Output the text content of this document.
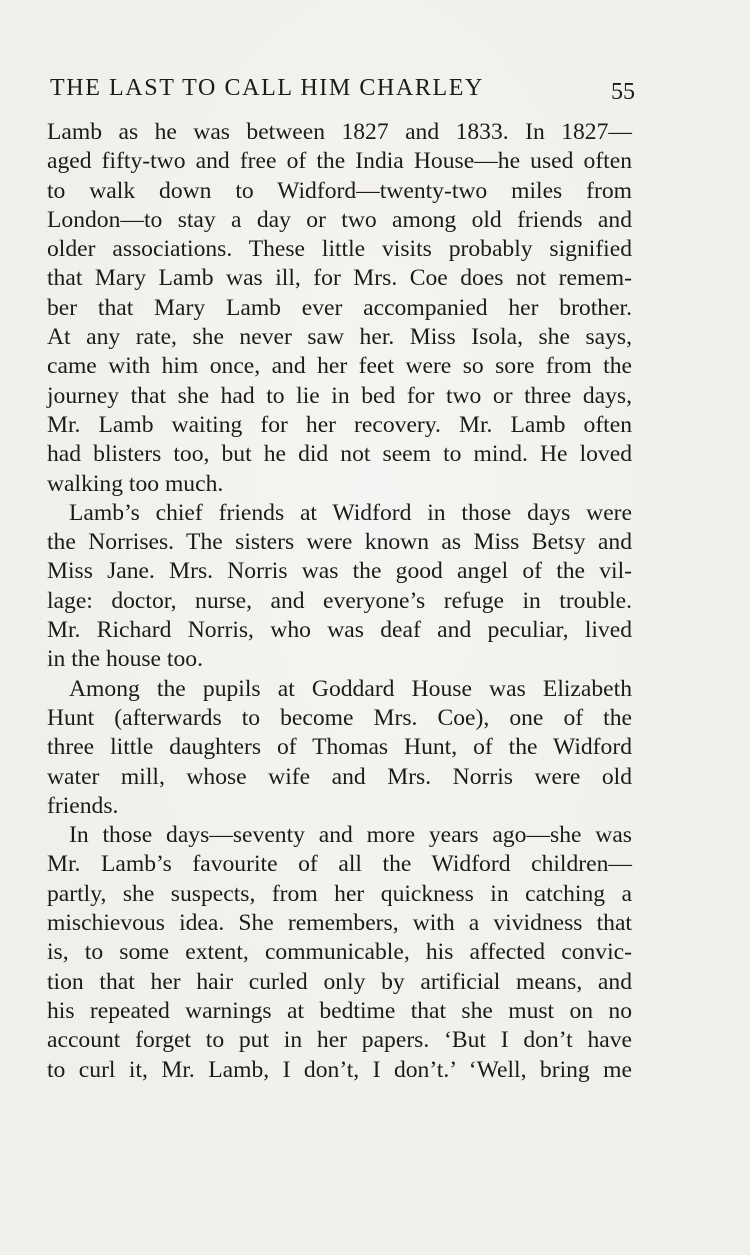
THE LAST TO CALL HIM CHARLEY	55
Lamb as he was between 1827 and 1833. In 1827—
aged fifty-two and free of the India House—he used often
to walk down to Widford—twenty-two miles from
London—to stay a day or two among old friends and
older associations. These little visits probably signified
that Mary Lamb was ill, for Mrs. Coe does not remem-
ber that Mary Lamb ever accompanied her brother.
At any rate, she never saw her. Miss Isola, she says,
came with him once, and her feet were so sore from the
journey that she had to lie in bed for two or three days,
Mr. Lamb waiting for her recovery. Mr. Lamb often
had blisters too, but he did not seem to mind. He loved
walking too much.
Lamb’s chief friends at Widford in those days were
the Norrises. The sisters were known as Miss Betsy and
Miss Jane. Mrs. Norris was the good angel of the vil-
lage: doctor, nurse, and everyone’s refuge in trouble.
Mr. Richard Norris, who was deaf and peculiar, lived
in the house too.
Among the pupils at Goddard House was Elizabeth
Hunt (afterwards to become Mrs. Coe), one of the
three little daughters of Thomas Hunt, of the Widford
water mill, whose wife and Mrs. Norris were old
friends.
In those days—seventy and more years ago—she was
Mr. Lamb’s favourite of all the Widford children—
partly, she suspects, from her quickness in catching a
mischievous idea. She remembers, with a vividness that
is, to some extent, communicable, his affected convic-
tion that her hair curled only by artificial means, and
his repeated warnings at bedtime that she must on no
account forget to put in her papers. ‘But I don’t have
to curl it, Mr. Lamb, I don’t, I don’t.’ ‘Well, bring me
